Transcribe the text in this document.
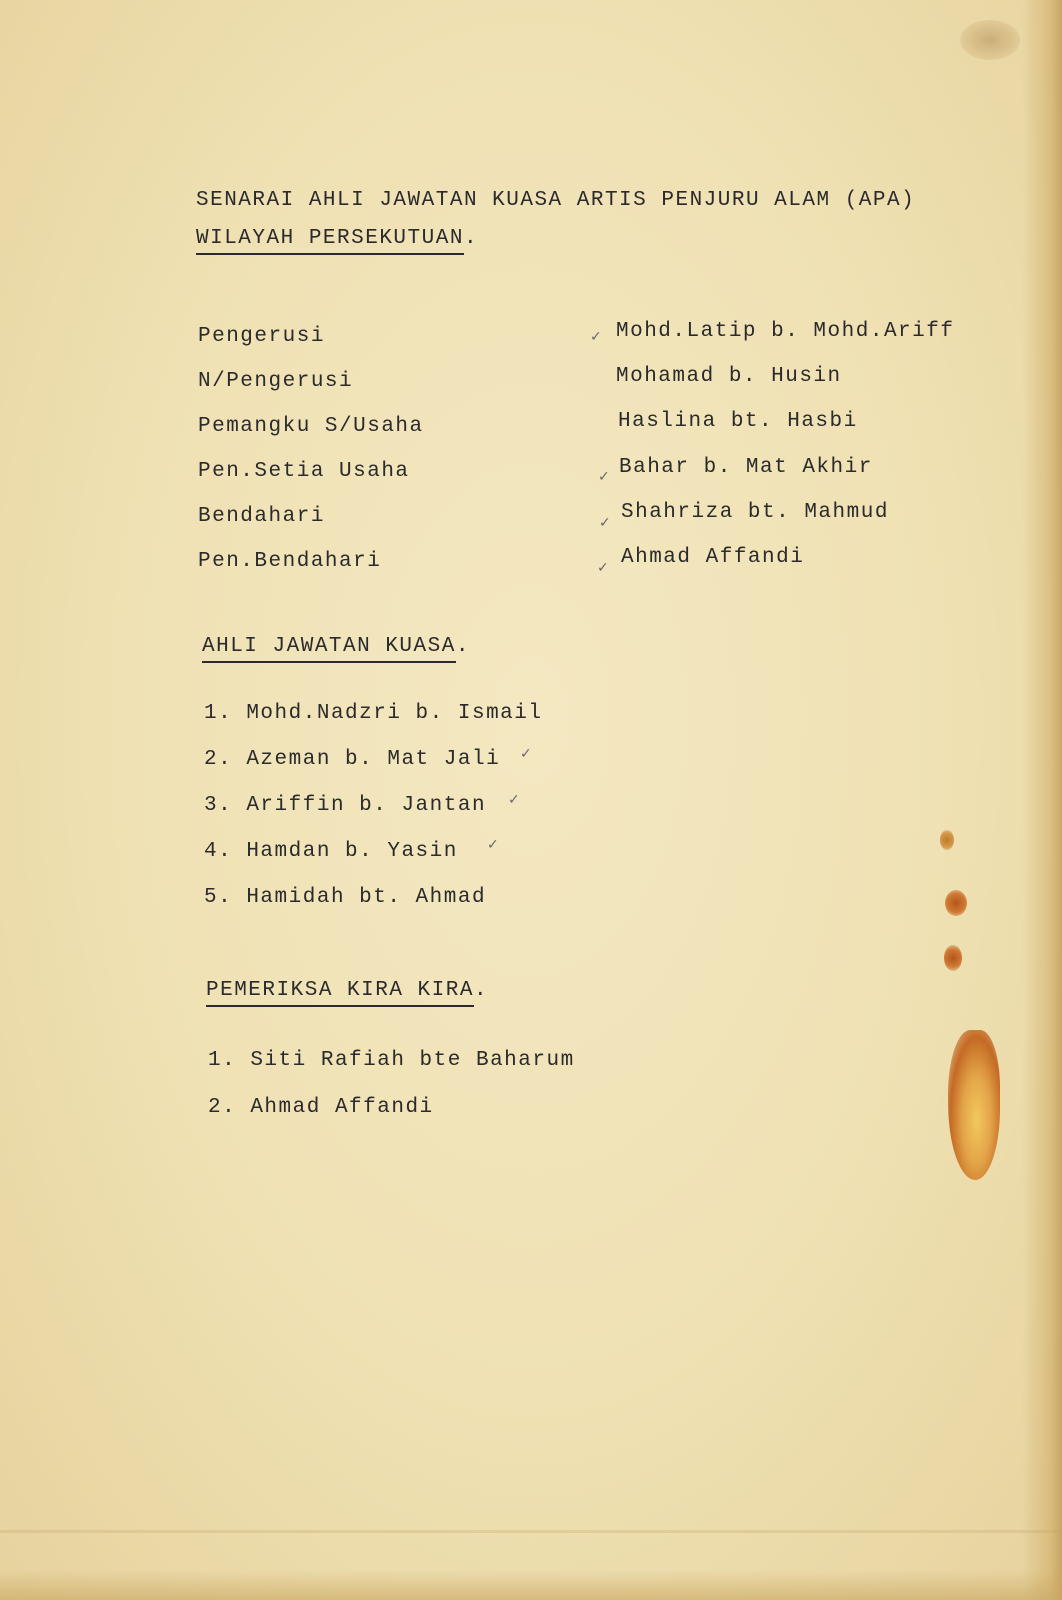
SENARAI AHLI JAWATAN KUASA ARTIS PENJURU ALAM (APA)
WILAYAH PERSEKUTUAN.
Pengerusi
N/Pengerusi
Pemangku S/Usaha
Pen.Setia Usaha
Bendahari
Pen.Bendahari
✓ Mohd.Latip b. Mohd.Ariff
Mohamad b. Husin
Haslina bt. Hasbi
✓ Bahar b. Mat Akhir
✓ Shahriza bt. Mahmud
✓ Ahmad Affandi
AHLI JAWATAN KUASA.
1. Mohd.Nadzri b. Ismail
2. Azeman b. Mat Jali ✓
3. Ariffin b. Jantan ✓
4. Hamdan b. Yasin ✓
5. Hamidah bt. Ahmad
PEMERIKSA KIRA KIRA.
1. Siti Rafiah bte Baharum
2. Ahmad Affandi
